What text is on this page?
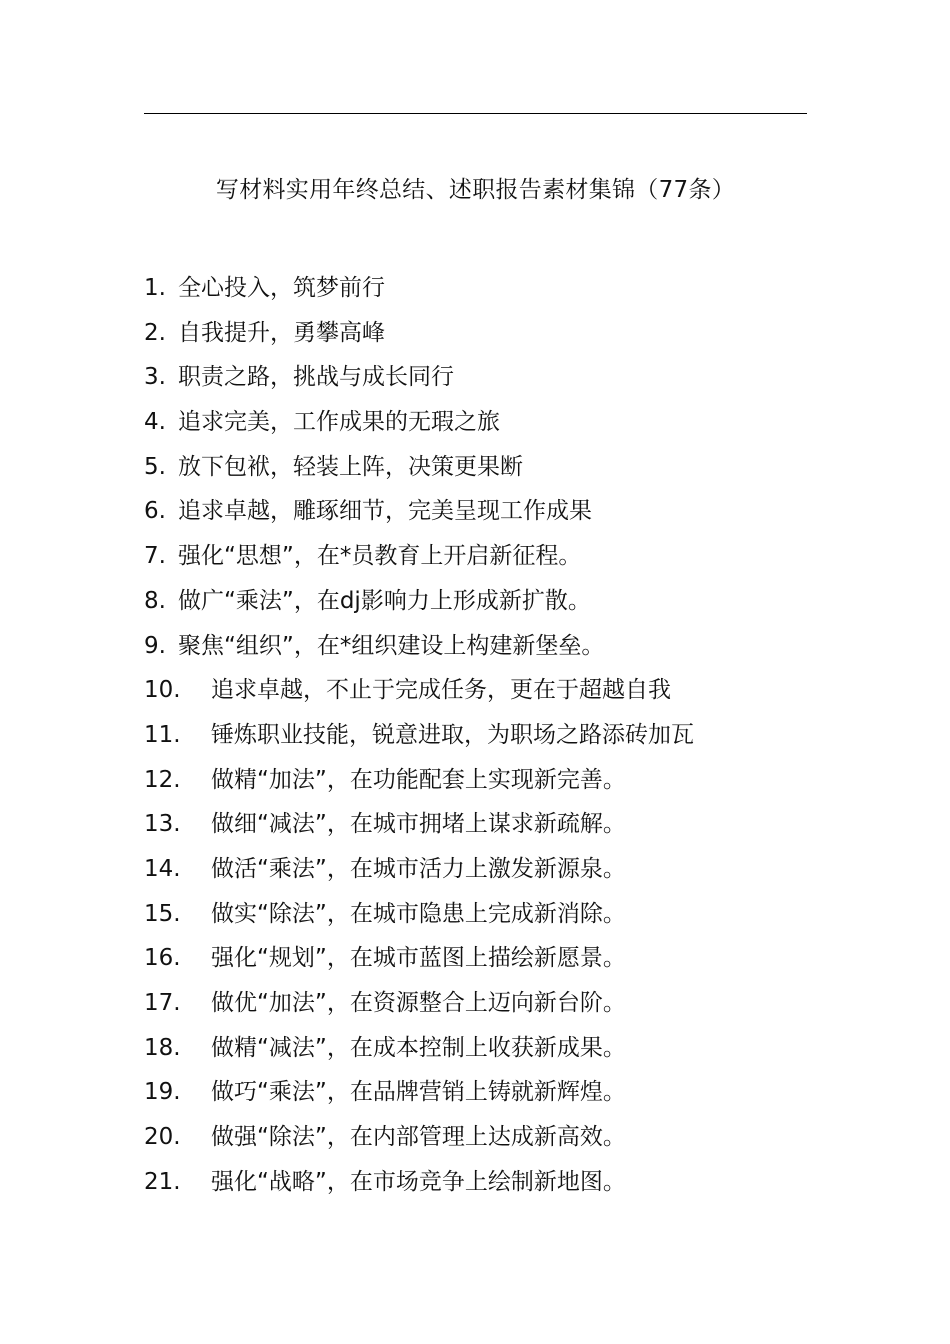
写材料实用年终总结、述职报告素材集锦（77条）
1. 全心投入，筑梦前行
2. 自我提升，勇攀高峰
3. 职责之路，挑战与成长同行
4. 追求完美，工作成果的无瑕之旅
5. 放下包袱，轻装上阵，决策更果断
6. 追求卓越，雕琢细节，完美呈现工作成果
7. 强化“思想”，在*员教育上开启新征程。
8. 做广“乘法”，在dj影响力上形成新扩散。
9. 聚焦“组织”，在*组织建设上构建新堡垒。
10.	追求卓越，不止于完成任务，更在于超越自我
11.	锤炼职业技能，锐意进取，为职场之路添砖加瓦
12.	做精“加法”，在功能配套上实现新完善。
13.	做细“减法”，在城市拥堵上谋求新疏解。
14.	做活“乘法”，在城市活力上激发新源泉。
15.	做实“除法”，在城市隐患上完成新消除。
16.	强化“规划”，在城市蓝图上描绘新愿景。
17.	做优“加法”，在资源整合上迈向新台阶。
18.	做精“减法”，在成本控制上收获新成果。
19.	做巧“乘法”，在品牌营销上铸就新辉煌。
20.	做强“除法”，在内部管理上达成新高效。
21.	强化“战略”，在市场竞争上绘制新地图。
